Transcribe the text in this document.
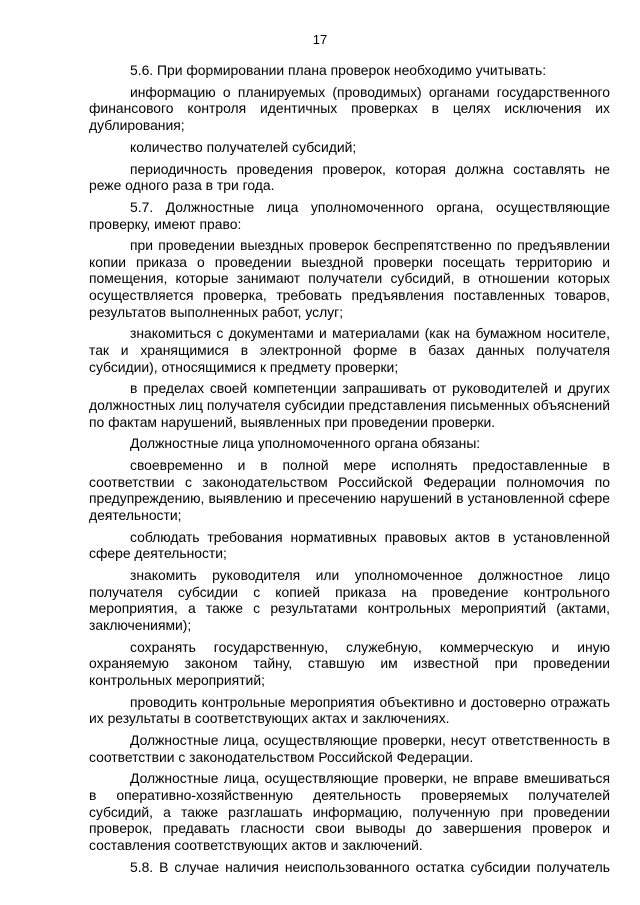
17

5.6. При формировании плана проверок необходимо учитывать:

информацию о планируемых (проводимых) органами государственного финансового контроля идентичных проверках в целях исключения их дублирования;

количество получателей субсидий;

периодичность проведения проверок, которая должна составлять не реже одного раза в три года.

5.7. Должностные лица уполномоченного органа, осуществляющие проверку, имеют право:

при проведении выездных проверок беспрепятственно по предъявлении копии приказа о проведении выездной проверки посещать территорию и помещения, которые занимают получатели субсидий, в отношении которых осуществляется проверка, требовать предъявления поставленных товаров, результатов выполненных работ, услуг;

знакомиться с документами и материалами (как на бумажном носителе, так и хранящимися в электронной форме в базах данных получателя субсидии), относящимися к предмету проверки;

в пределах своей компетенции запрашивать от руководителей и других должностных лиц получателя субсидии представления письменных объяснений по фактам нарушений, выявленных при проведении проверки.

Должностные лица уполномоченного органа обязаны:

своевременно и в полной мере исполнять предоставленные в соответствии с законодательством Российской Федерации полномочия по предупреждению, выявлению и пресечению нарушений в установленной сфере деятельности;

соблюдать требования нормативных правовых актов в установленной сфере деятельности;

знакомить руководителя или уполномоченное должностное лицо получателя субсидии с копией приказа на проведение контрольного мероприятия, а также с результатами контрольных мероприятий (актами, заключениями);

сохранять государственную, служебную, коммерческую и иную охраняемую законом тайну, ставшую им известной при проведении контрольных мероприятий;

проводить контрольные мероприятия объективно и достоверно отражать их результаты в соответствующих актах и заключениях.

Должностные лица, осуществляющие проверки, несут ответственность в соответствии с законодательством Российской Федерации.

Должностные лица, осуществляющие проверки, не вправе вмешиваться в оперативно-хозяйственную деятельность проверяемых получателей субсидий, а также разглашать информацию, полученную при проведении проверок, предавать гласности свои выводы до завершения проверок и составления соответствующих актов и заключений.

5.8. В случае наличия неиспользованного остатка субсидии получатель
